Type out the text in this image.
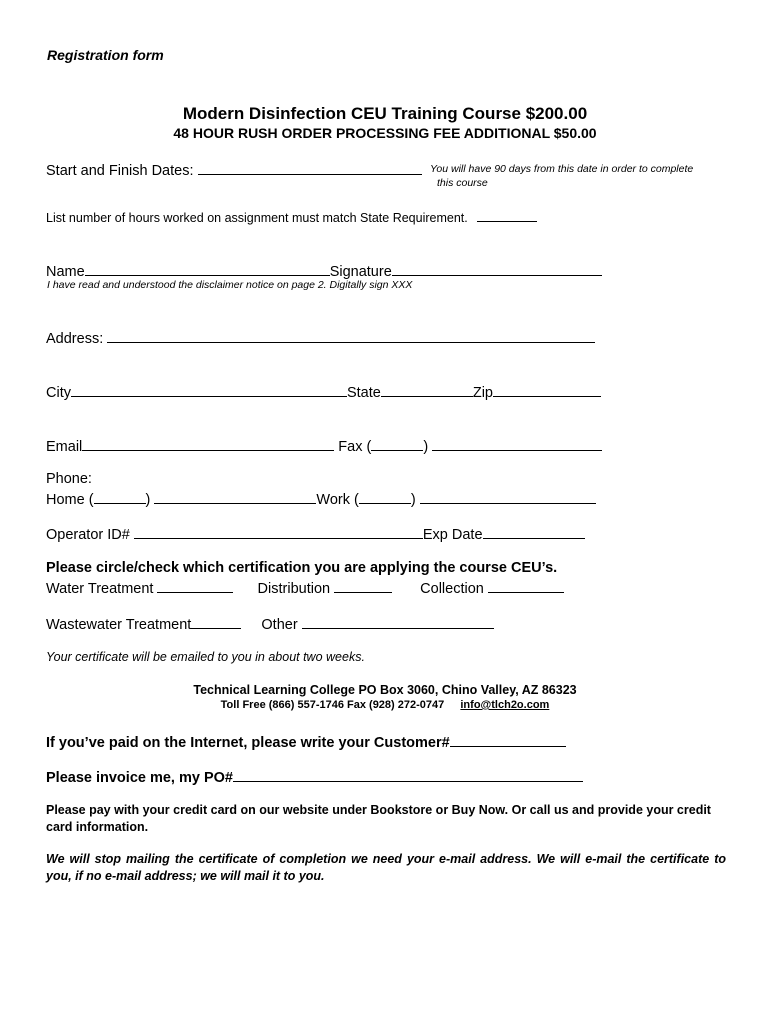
Registration form
Modern Disinfection CEU Training Course $200.00
48 HOUR RUSH ORDER PROCESSING FEE ADDITIONAL $50.00
Start and Finish Dates:	You will have 90 days from this date in order to complete
this course
List number of hours worked on assignment must match State Requirement.
Name	Signature
I have read and understood the disclaimer notice on page 2. Digitally sign XXX
Address:
City	State	Zip
Email	Fax (	)
Phone:
Home (	)	Work (	)
Operator ID#	Exp Date
Please circle/check which certification you are applying the course CEU’s.
Water Treatment	Distribution	Collection
Wastewater Treatment	Other
Your certificate will be emailed to you in about two weeks.
Technical Learning College PO Box 3060, Chino Valley, AZ 86323
Toll Free (866) 557-1746 Fax (928) 272-0747 info@tlch2o.com
If you’ve paid on the Internet, please write your Customer#
Please invoice me, my PO#
Please pay with your credit card on our website under Bookstore or Buy Now. Or call us and provide your credit card information.
We will stop mailing the certificate of completion we need your e-mail address. We will e-mail the certificate to you, if no e-mail address; we will mail it to you.
